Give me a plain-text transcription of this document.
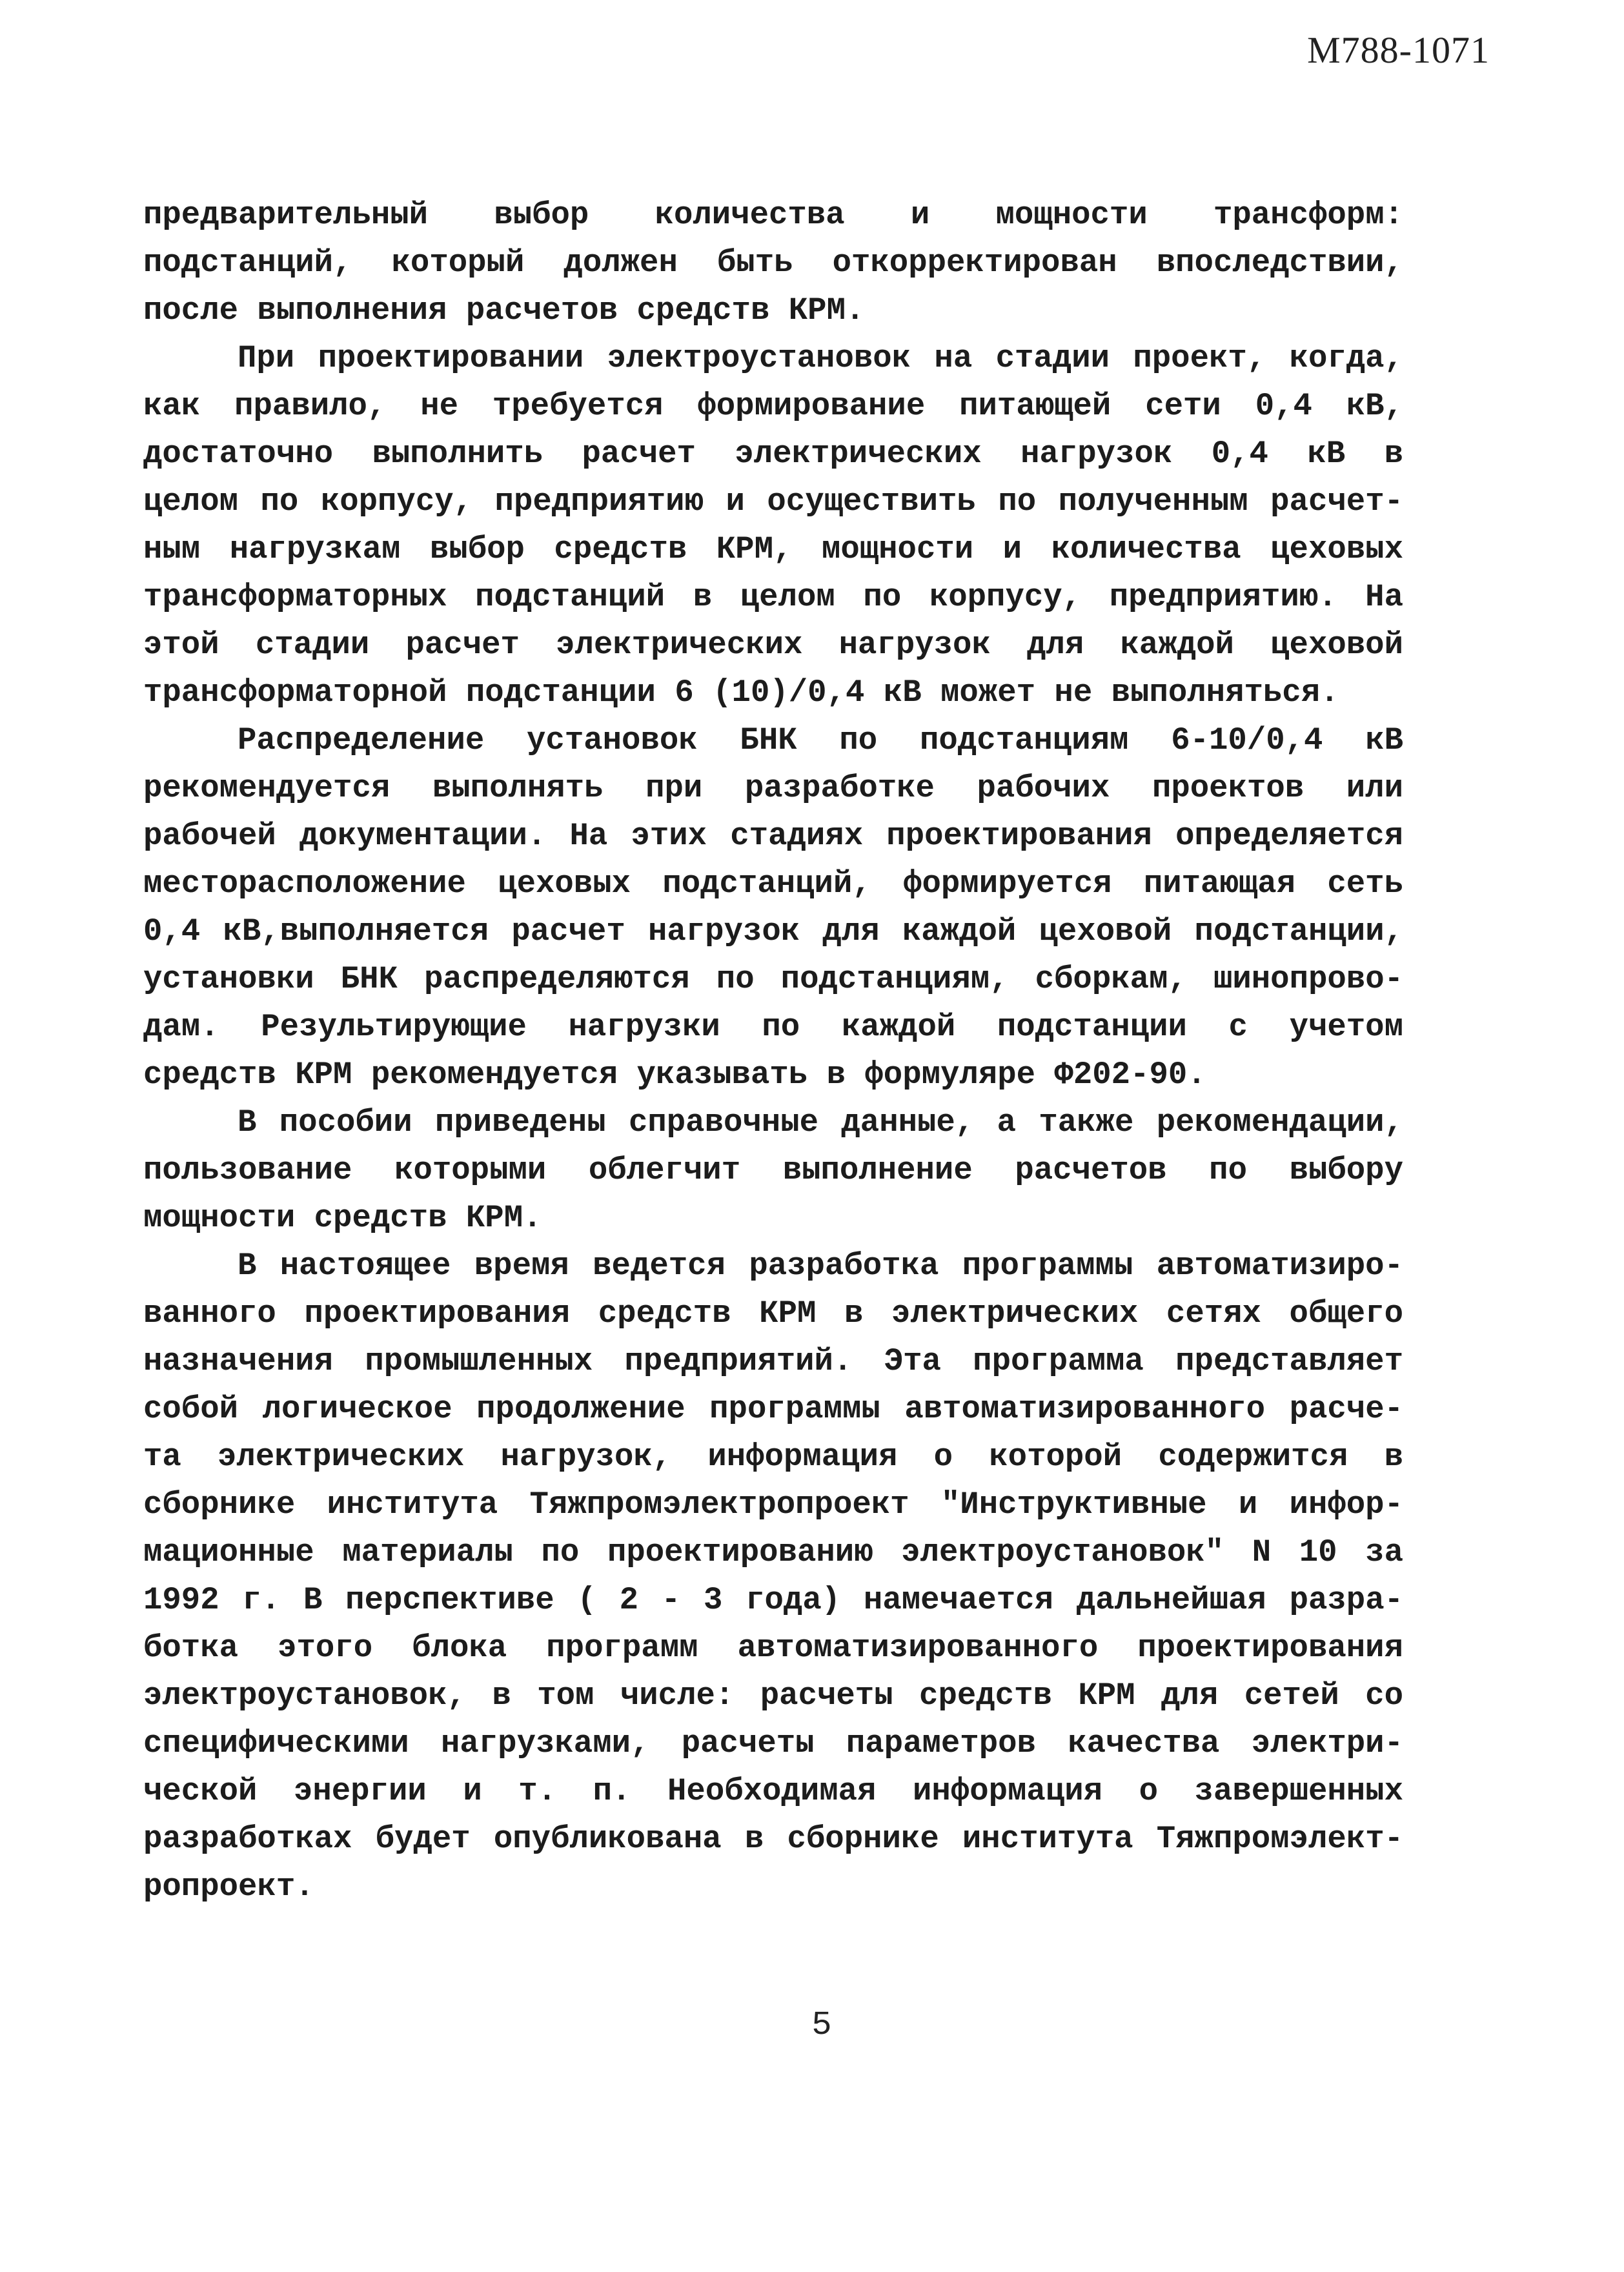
М788-1071
предварительный выбор количества и мощности трансформ:
подстанций, который должен быть откорректирован впоследствии,
после выполнения расчетов средств КРМ.
При проектировании электроустановок на стадии проект, когда,
как правило, не требуется формирование питающей сети 0,4 кВ,
достаточно выполнить расчет электрических нагрузок 0,4 кВ в
целом по корпусу, предприятию и осуществить по полученным расчет-
ным нагрузкам выбор средств КРМ, мощности и количества цеховых
трансформаторных подстанций в целом по корпусу, предприятию. На
этой стадии расчет электрических нагрузок для каждой цеховой
трансформаторной подстанции 6 (10)/0,4 кВ может не выполняться.
Распределение установок БНК по подстанциям 6-10/0,4 кВ
рекомендуется выполнять при разработке рабочих проектов или
рабочей документации. На этих стадиях проектирования определяется
месторасположение цеховых подстанций, формируется питающая сеть
0,4 кВ,выполняется расчет нагрузок для каждой цеховой подстанции,
установки БНК распределяются по подстанциям, сборкам, шинопрово-
дам. Результирующие нагрузки по каждой подстанции с учетом
средств КРМ рекомендуется указывать в формуляре Ф202-90.
В пособии приведены справочные данные, а также рекомендации,
пользование которыми облегчит выполнение расчетов по выбору
мощности средств КРМ.
В настоящее время ведется разработка программы автоматизиро-
ванного проектирования средств КРМ в электрических сетях общего
назначения промышленных предприятий. Эта программа представляет
собой логическое продолжение программы автоматизированного расче-
та электрических нагрузок, информация о которой содержится в
сборнике института Тяжпромэлектропроект "Инструктивные и инфор-
мационные материалы по проектированию электроустановок" N 10 за
1992 г. В перспективе ( 2 - 3 года) намечается дальнейшая разра-
ботка этого блока программ автоматизированного проектирования
электроустановок, в том числе: расчеты средств КРМ для сетей со
специфическими нагрузками, расчеты параметров качества электри-
ческой энергии и т. п. Необходимая информация о завершенных
разработках будет опубликована в сборнике института Тяжпромэлект-
ропроект.
5
